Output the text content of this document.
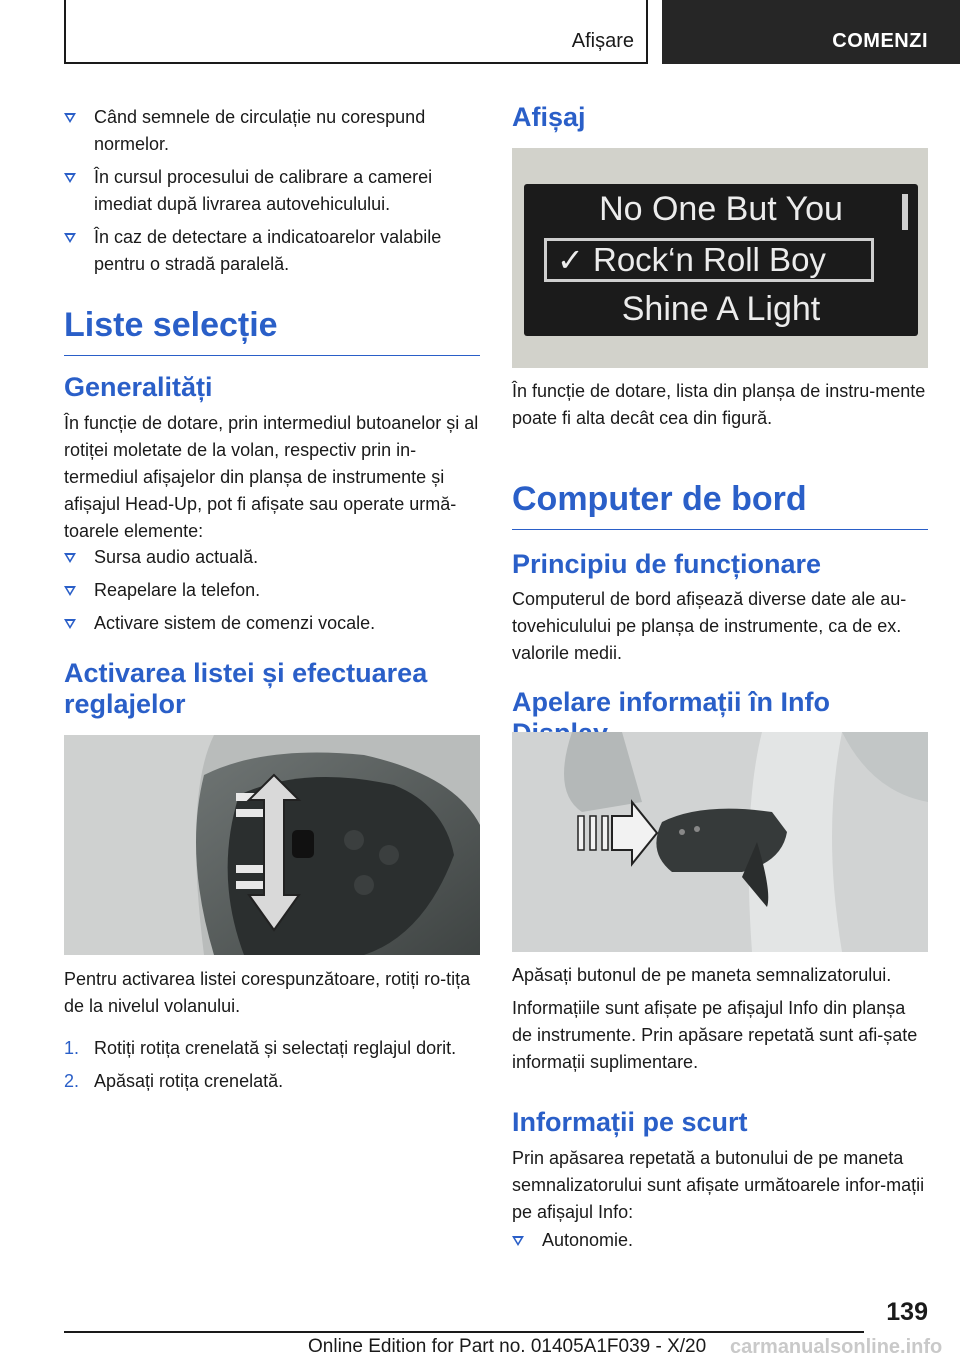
Afișare	COMENZI
Când semnele de circulație nu corespund normelor.
În cursul procesului de calibrare a camerei imediat după livrarea autovehiculului.
În caz de detectare a indicatoarelor valabile pentru o stradă paralelă.
Liste selecție
Generalități

În funcție de dotare, prin intermediul butoanelor și al rotiței moletate de la volan, respectiv prin in-termediul afișajelor din planșa de instrumente și afișajul Head-Up, pot fi afișate sau operate urmă-toarele elemente:

Sursa audio actuală.
Reapelare la telefon.
Activare sistem de comenzi vocale.
Activarea listei și efectuarea reglajelor

Pentru activarea listei corespunzătoare, rotiți ro-tița de la nivelul volanului.

1. Rotiți rotița crenelată și selectați reglajul dorit.
2. Apăsați rotița crenelată.
Afișaj
No One But You
✓ Rock‘n Roll Boy
Shine A Light

În funcție de dotare, lista din planșa de instru-mente poate fi alta decât cea din figură.

Computer de bord
Principiu de funcționare

Computerul de bord afișează diverse date ale au-tovehiculului pe planșa de instrumente, ca de ex. valorile medii.

Apelare informații în Info

Apăsați butonul de pe maneta semnalizatorului.

Informațiile sunt afișate pe afișajul Info din planșa de instrumente. Prin apăsare repetată sunt afi-șate informații suplimentare.

Informații pe scurt

Prin apăsarea repetată a butonului de pe maneta semnalizatorului sunt afișate următoarele infor-mații pe afișajul Info:

Autonomie.
139
Online Edition for Part no. 01405A1F039 - X/20 carmanualsonline.info
